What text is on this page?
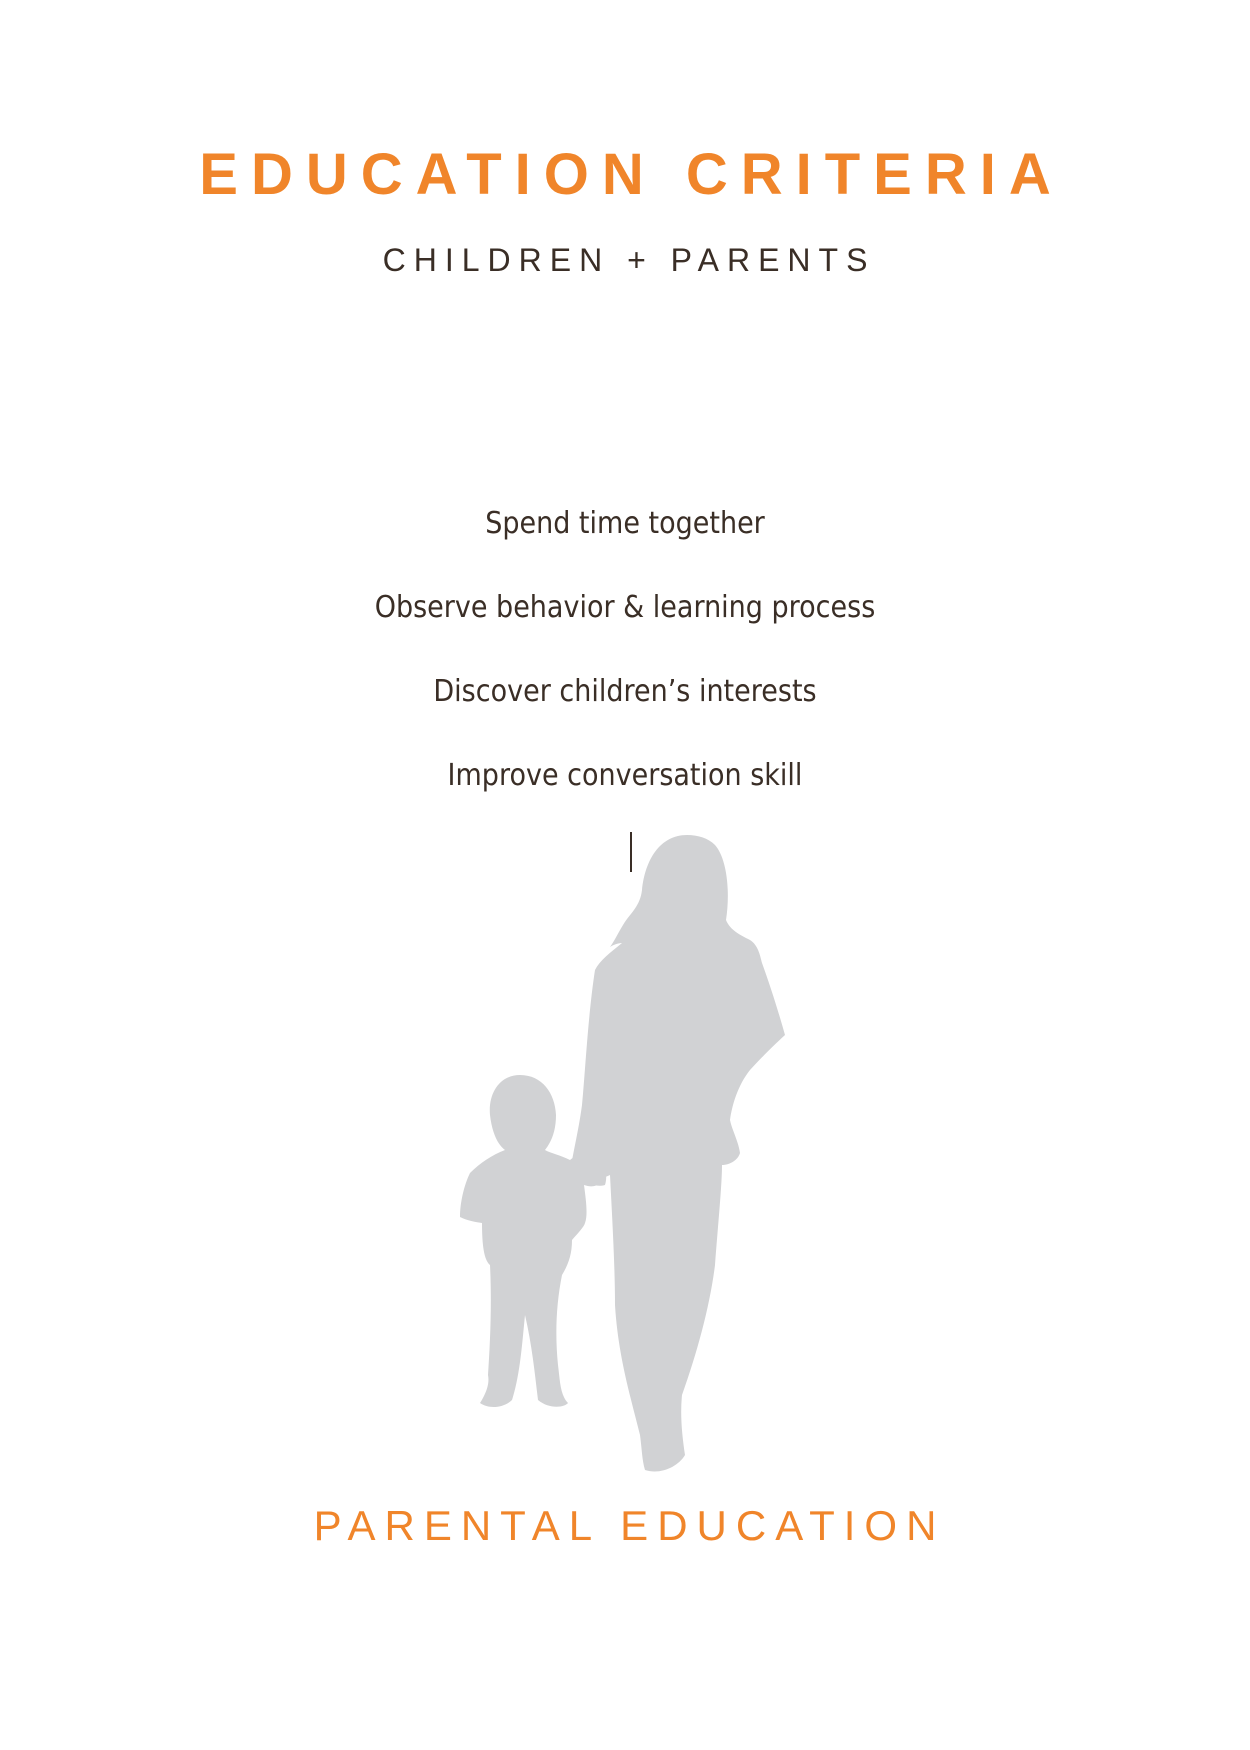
EDUCATION CRITERIA
CHILDREN + PARENTS
Spend time together
Observe behavior & learning process
Discover children’s interests
Improve conversation skill
PARENTAL EDUCATION
